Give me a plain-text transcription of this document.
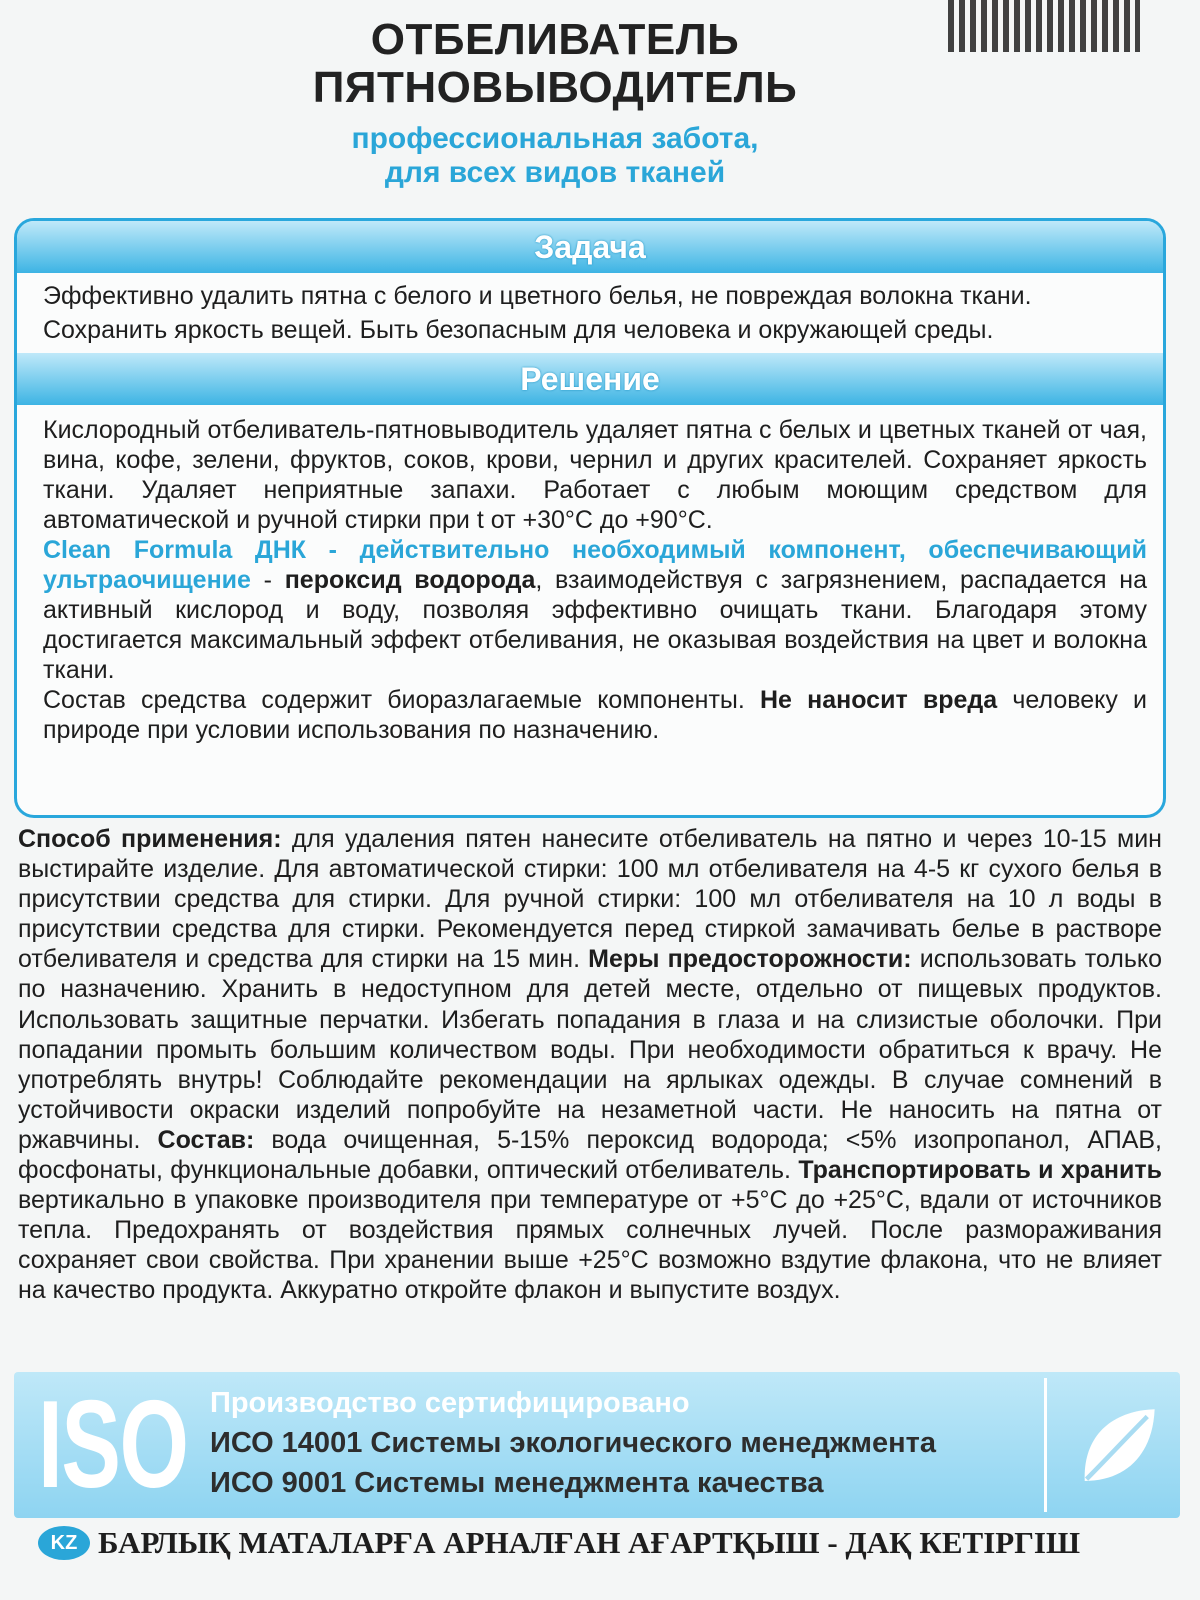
ОТБЕЛИВАТЕЛЬ
ПЯТНОВЫВОДИТЕЛЬ
профессиональная забота,
для всех видов тканей
Задача
Эффективно удалить пятна с белого и цветного белья, не повреждая волокна ткани. Сохранить яркость вещей. Быть безопасным для человека и окружающей среды.
Решение

Кислородный отбеливатель-пятновыводитель удаляет пятна с белых и цветных тканей от чая, вина, кофе, зелени, фруктов, соков, крови, чернил и других красителей. Сохраняет яркость ткани. Удаляет неприятные запахи. Работает с любым моющим средством для автоматической и ручной стирки при t от +30°C до +90°C.

Clean Formula ДНК - действительно необходимый компонент, обеспечивающий ультраочищение - пероксид водорода, взаимодействуя с загрязнением, распадается на активный кислород и воду, позволяя эффективно очищать ткани. Благодаря этому достигается максимальный эффект отбеливания, не оказывая воздействия на цвет и волокна ткани.

Состав средства содержит биоразлагаемые компоненты. Не наносит вреда человеку и природе при условии использования по назначению.

Способ применения: для удаления пятен нанесите отбеливатель на пятно и через 10-15 мин выстирайте изделие. Для автоматической стирки: 100 мл отбеливателя на 4-5 кг сухого белья в присутствии средства для стирки. Для ручной стирки: 100 мл отбеливателя на 10 л воды в присутствии средства для стирки. Рекомендуется перед стиркой замачивать белье в растворе отбеливателя и средства для стирки на 15 мин. Меры предосторожности: использовать только по назначению. Хранить в недоступном для детей месте, отдельно от пищевых продуктов. Использовать защитные перчатки. Избегать попадания в глаза и на слизистые оболочки. При попадании промыть большим количеством воды. При необходимости обратиться к врачу. Не употреблять внутрь! Соблюдайте рекомендации на ярлыках одежды. В случае сомнений в устойчивости окраски изделий попробуйте на незаметной части. Не наносить на пятна от ржавчины. Состав: вода очищенная, 5-15% пероксид водорода; <5% изопропанол, АПАВ, фосфонаты, функциональные добавки, оптический отбеливатель. Транспортировать и хранить вертикально в упаковке производителя при температуре от +5°C до +25°C, вдали от источников тепла. Предохранять от воздействия прямых солнечных лучей. После размораживания сохраняет свои свойства. При хранении выше +25°C возможно вздутие флакона, что не влияет на качество продукта. Аккуратно откройте флакон и выпустите воздух.
ISO Производство сертифицировано
ИСО 14001 Системы экологического менеджмента
ИСО 9001 Системы менеджмента качества
KZ БАРЛЫҚ МАТАЛАРҒА АРНАЛҒАН АҒАРТҚЫШ - ДАҚ КЕТІРГІШ
